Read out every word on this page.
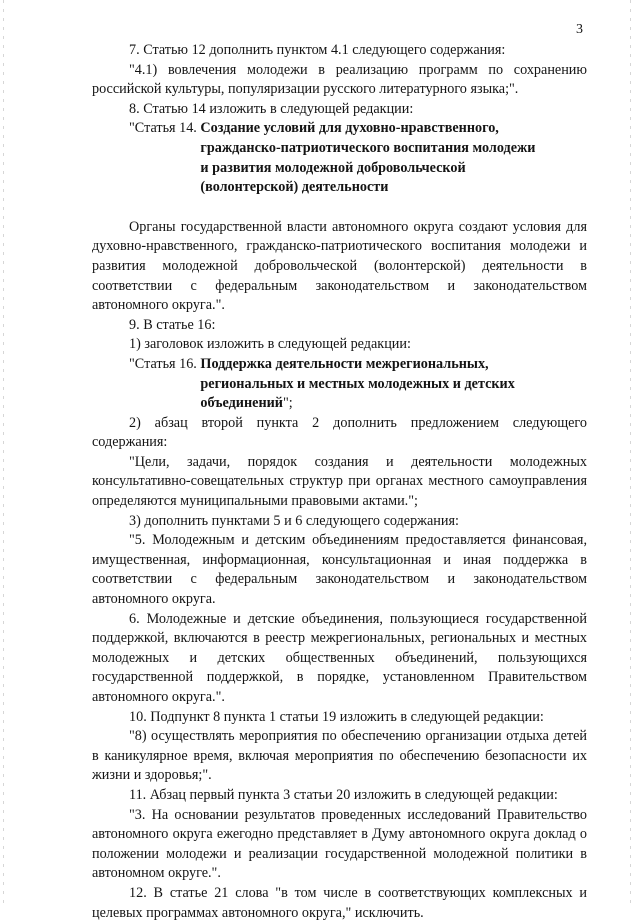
3

7. Статью 12 дополнить пунктом 4.1 следующего содержания:

"4.1) вовлечения молодежи в реализацию программ по сохранению российской культуры, популяризации русского литературного языка;".

8. Статью 14 изложить в следующей редакции:

"Статья 14. Создание условий для духовно-нравственного,
гражданско-патриотического воспитания молодежи
и развития молодежной добровольческой
(волонтерской) деятельности

Органы государственной власти автономного округа создают условия для духовно-нравственного, гражданско-патриотического воспитания молодежи и развития молодежной добровольческой (волонтерской) деятельности в соответствии с федеральным законодательством и законодательством автономного округа.".

9. В статье 16:

1) заголовок изложить в следующей редакции:

"Статья 16. Поддержка деятельности межрегиональных,
региональных и местных молодежных и детских
объединений";

2) абзац второй пункта 2 дополнить предложением следующего содержания:

"Цели, задачи, порядок создания и деятельности молодежных консультативно-совещательных структур при органах местного самоуправления определяются муниципальными правовыми актами.";

3) дополнить пунктами 5 и 6 следующего содержания:

"5. Молодежным и детским объединениям предоставляется финансовая, имущественная, информационная, консультационная и иная поддержка в соответствии с федеральным законодательством и законодательством автономного округа.

6. Молодежные и детские объединения, пользующиеся государственной поддержкой, включаются в реестр межрегиональных, региональных и местных молодежных и детских общественных объединений, пользующихся государственной поддержкой, в порядке, установленном Правительством автономного округа.".

10. Подпункт 8 пункта 1 статьи 19 изложить в следующей редакции:

"8) осуществлять мероприятия по обеспечению организации отдыха детей в каникулярное время, включая мероприятия по обеспечению безопасности их жизни и здоровья;".

11. Абзац первый пункта 3 статьи 20 изложить в следующей редакции:

"3. На основании результатов проведенных исследований Правительство автономного округа ежегодно представляет в Думу автономного округа доклад о положении молодежи и реализации государственной молодежной политики в автономном округе.".

12. В статье 21 слова "в том числе в соответствующих комплексных и целевых программах автономного округа," исключить.
